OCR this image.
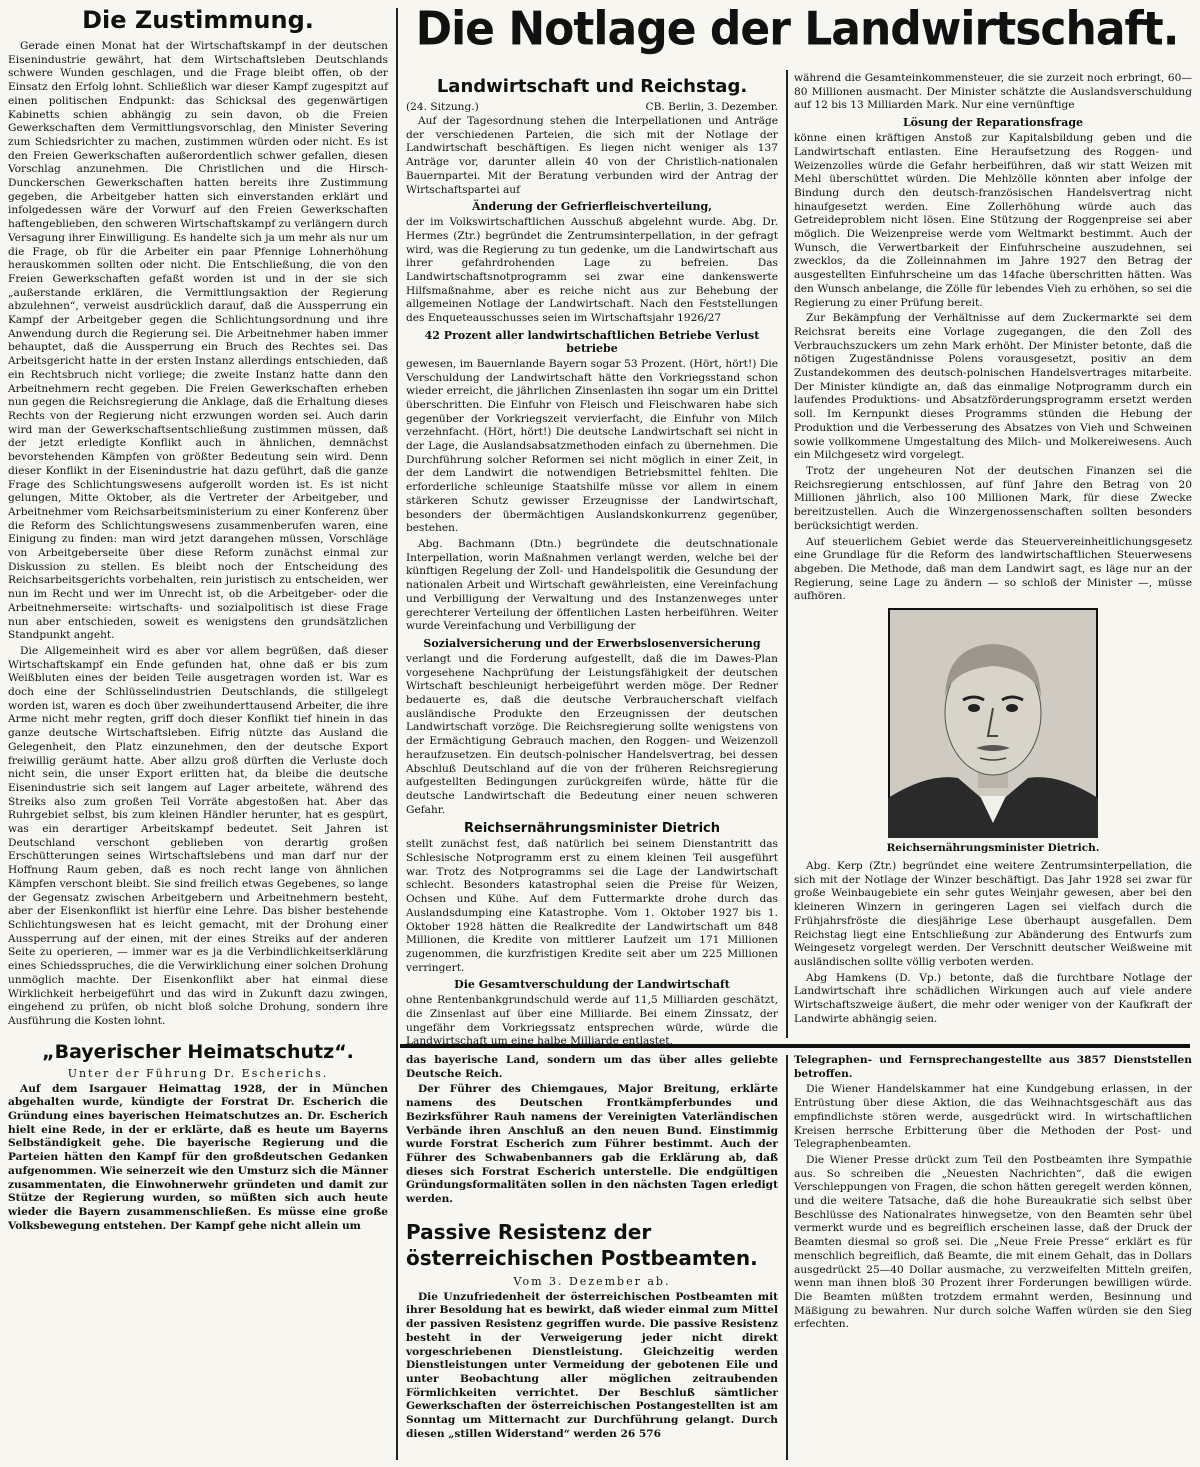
Die Zustimmung.

Gerade einen Monat hat der Wirtschaftskampf in der deutschen Eisenindustrie gewährt, hat dem Wirtschaftsleben Deutschlands schwere Wunden geschlagen, und die Frage bleibt offen, ob der Einsatz den Erfolg lohnt. Schließlich war dieser Kampf zugespitzt auf einen politischen Endpunkt: das Schicksal des gegenwärtigen Kabinetts schien abhängig zu sein davon, ob die Freien Gewerkschaften dem Vermittlungsvorschlag, den Minister Severing zum Schiedsrichter zu machen, zustimmen würden oder nicht. Es ist den Freien Gewerkschaften außerordentlich schwer gefallen, diesen Vorschlag anzunehmen. Die Christlichen und die Hirsch-Dunckerschen Gewerkschaften hatten bereits ihre Zustimmung gegeben, die Arbeitgeber hatten sich einverstanden erklärt und infolgedessen wäre der Vorwurf auf den Freien Gewerkschaften haftengeblieben, den schweren Wirtschaftskampf zu verlängern durch Versagung ihrer Einwilligung. Es handelte sich ja um mehr als nur um die Frage, ob für die Arbeiter ein paar Pfennige Lohnerhöhung herauskommen sollten oder nicht. Die Entschließung, die von den Freien Gewerkschaften gefaßt worden ist und in der sie sich „außerstande erklären, die Vermittlungsaktion der Regierung abzulehnen“, verweist ausdrücklich darauf, daß die Aussperrung ein Kampf der Arbeitgeber gegen die Schlichtungsordnung und ihre Anwendung durch die Regierung sei. Die Arbeitnehmer haben immer behauptet, daß die Aussperrung ein Bruch des Rechtes sei. Das Arbeitsgericht hatte in der ersten Instanz allerdings entschieden, daß ein Rechtsbruch nicht vorliege; die zweite Instanz hatte dann den Arbeitnehmern recht gegeben. Die Freien Gewerkschaften erheben nun gegen die Reichsregierung die Anklage, daß die Erhaltung dieses Rechts von der Regierung nicht erzwungen worden sei. Auch darin wird man der Gewerkschaftsentschließung zustimmen müssen, daß der jetzt erledigte Konflikt auch in ähnlichen, demnächst bevorstehenden Kämpfen von größter Bedeutung sein wird. Denn dieser Konflikt in der Eisenindustrie hat dazu geführt, daß die ganze Frage des Schlichtungswesens aufgerollt worden ist. Es ist nicht gelungen, Mitte Oktober, als die Vertreter der Arbeitgeber, und Arbeitnehmer vom Reichsarbeitsministerium zu einer Konferenz über die Reform des Schlichtungswesens zusammenberufen waren, eine Einigung zu finden: man wird jetzt darangehen müssen, Vorschläge von Arbeitgeberseite über diese Reform zunächst einmal zur Diskussion zu stellen. Es bleibt noch der Entscheidung des Reichsarbeitsgerichts vorbehalten, rein juristisch zu entscheiden, wer nun im Recht und wer im Unrecht ist, ob die Arbeitgeber- oder die Arbeitnehmerseite: wirtschafts- und sozialpolitisch ist diese Frage nun aber entschieden, soweit es wenigstens den grundsätzlichen Standpunkt angeht.

Die Allgemeinheit wird es aber vor allem begrüßen, daß dieser Wirtschaftskampf ein Ende gefunden hat, ohne daß er bis zum Weißbluten eines der beiden Teile ausgetragen worden ist. War es doch eine der Schlüsselindustrien Deutschlands, die stillgelegt worden ist, waren es doch über zweihunderttausend Arbeiter, die ihre Arme nicht mehr regten, griff doch dieser Konflikt tief hinein in das ganze deutsche Wirtschaftsleben. Eifrig nützte das Ausland die Gelegenheit, den Platz einzunehmen, den der deutsche Export freiwillig geräumt hatte. Aber allzu groß dürften die Verluste doch nicht sein, die unser Export erlitten hat, da bleibe die deutsche Eisenindustrie sich seit langem auf Lager arbeitete, während des Streiks also zum großen Teil Vorräte abgestoßen hat. Aber das Ruhrgebiet selbst, bis zum kleinen Händler herunter, hat es gespürt, was ein derartiger Arbeitskampf bedeutet. Seit Jahren ist Deutschland verschont geblieben von derartig großen Erschütterungen seines Wirtschaftslebens und man darf nur der Hoffnung Raum geben, daß es noch recht lange von ähnlichen Kämpfen verschont bleibt. Sie sind freilich etwas Gegebenes, so lange der Gegensatz zwischen Arbeitgebern und Arbeitnehmern besteht, aber der Eisenkonflikt ist hierfür eine Lehre. Das bisher bestehende Schlichtungswesen hat es leicht gemacht, mit der Drohung einer Aussperrung auf der einen, mit der eines Streiks auf der anderen Seite zu operieren, — immer war es ja die Verbindlichkeitserklärung eines Schiedsspruches, die die Verwirklichung einer solchen Drohung unmöglich machte. Der Eisenkonflikt aber hat einmal diese Wirklichkeit herbeigeführt und das wird in Zukunft dazu zwingen, eingehend zu prüfen, ob nicht bloß solche Drohung, sondern ihre Ausführung die Kosten lohnt.

„Bayerischer Heimatschutz“.
Unter der Führung Dr. Escherichs.

Auf dem Isargauer Heimattag 1928, der in München abgehalten wurde, kündigte der Forstrat Dr. Escherich die Gründung eines bayerischen Heimatschutzes an. Dr. Escherich hielt eine Rede, in der er erklärte, daß es heute um Bayerns Selbständigkeit gehe. Die bayerische Regierung und die Parteien hätten den Kampf für den großdeutschen Gedanken aufgenommen. Wie seinerzeit wie den Umsturz sich die Männer zusammentaten, die Einwohnerwehr gründeten und damit zur Stütze der Regierung wurden, so müßten sich auch heute wieder die Bayern zusammenschließen. Es müsse eine große Volksbewegung entstehen. Der Kampf gehe nicht allein um

Die Notlage der Landwirtschaft.
Landwirtschaft und Reichstag.
(24. Sitzung.)	CB. Berlin, 3. Dezember.

Auf der Tagesordnung stehen die Interpellationen und Anträge der verschiedenen Parteien, die sich mit der Notlage der Landwirtschaft beschäftigen. Es liegen nicht weniger als 137 Anträge vor, darunter allein 40 von der Christlich-nationalen Bauernpartei. Mit der Beratung verbunden wird der Antrag der Wirtschaftspartei auf

Änderung der Gefrierfleischverteilung,

der im Volkswirtschaftlichen Ausschuß abgelehnt wurde. Abg. Dr. Hermes (Ztr.) begründet die Zentrumsinterpellation, in der gefragt wird, was die Regierung zu tun gedenke, um die Landwirtschaft aus ihrer gefahrdrohenden Lage zu befreien. Das Landwirtschaftsnotprogramm sei zwar eine dankenswerte Hilfsmaßnahme, aber es reiche nicht aus zur Behebung der allgemeinen Notlage der Landwirtschaft. Nach den Feststellungen des Enqueteausschusses seien im Wirtschaftsjahr 1926/27

42 Prozent aller landwirtschaftlichen Betriebe Verlust betriebe

gewesen, im Bauernlande Bayern sogar 53 Prozent. (Hört, hört!) Die Verschuldung der Landwirtschaft hätte den Vorkriegsstand schon wieder erreicht, die jährlichen Zinsenlasten ihn sogar um ein Drittel überschritten. Die Einfuhr von Fleisch und Fleischwaren habe sich gegenüber der Vorkriegszeit vervierfacht, die Einfuhr von Milch verzehnfacht. (Hört, hört!) Die deutsche Landwirtschaft sei nicht in der Lage, die Auslandsabsatzmethoden einfach zu übernehmen. Die Durchführung solcher Reformen sei nicht möglich in einer Zeit, in der dem Landwirt die notwendigen Betriebsmittel fehlten. Die erforderliche schleunige Staatshilfe müsse vor allem in einem stärkeren Schutz gewisser Erzeugnisse der Landwirtschaft, besonders der übermächtigen Auslandskonkurrenz gegenüber, bestehen.

Abg. Bachmann (Dtn.) begründete die deutschnationale Interpellation, worin Maßnahmen verlangt werden, welche bei der künftigen Regelung der Zoll- und Handelspolitik die Gesundung der nationalen Arbeit und Wirtschaft gewährleisten, eine Vereinfachung und Verbilligung der Verwaltung und des Instanzenweges unter gerechterer Verteilung der öffentlichen Lasten herbeiführen. Weiter wurde Vereinfachung und Verbilligung der

Sozialversicherung und der Erwerbslosenversicherung

verlangt und die Forderung aufgestellt, daß die im Dawes-Plan vorgesehene Nachprüfung der Leistungsfähigkeit der deutschen Wirtschaft beschleunigt herbeigeführt werden möge. Der Redner bedauerte es, daß die deutsche Verbraucherschaft vielfach ausländische Produkte den Erzeugnissen der deutschen Landwirtschaft vorzöge. Die Reichsregierung sollte wenigstens von der Ermächtigung Gebrauch machen, den Roggen- und Weizenzoll heraufzusetzen. Ein deutsch-polnischer Handelsvertrag, bei dessen Abschluß Deutschland auf die von der früheren Reichsregierung aufgestellten Bedingungen zurückgreifen würde, hätte für die deutsche Landwirtschaft die Bedeutung einer neuen schweren Gefahr.

Reichsernährungsminister Dietrich

stellt zunächst fest, daß natürlich bei seinem Dienstantritt das Schlesische Notprogramm erst zu einem kleinen Teil ausgeführt war. Trotz des Notprogramms sei die Lage der Landwirtschaft schlecht. Besonders katastrophal seien die Preise für Weizen, Ochsen und Kühe. Auf dem Futtermarkte drohe durch das Auslandsdumping eine Katastrophe. Vom 1. Oktober 1927 bis 1. Oktober 1928 hätten die Realkredite der Landwirtschaft um 848 Millionen, die Kredite von mittlerer Laufzeit um 171 Millionen zugenommen, die kurzfristigen Kredite seit aber um 225 Millionen verringert.

Die Gesamtverschuldung der Landwirtschaft

ohne Rentenbankgrundschuld werde auf 11,5 Milliarden geschätzt, die Zinsenlast auf über eine Milliarde. Bei einem Zinssatz, der ungefähr dem Vorkriegssatz entsprechen würde, würde die Landwirtschaft um eine halbe Milliarde entlastet,

während die Gesamteinkommensteuer, die sie zurzeit noch erbringt, 60—80 Millionen ausmacht. Der Minister schätzte die Auslandsverschuldung auf 12 bis 13 Milliarden Mark. Nur eine vernünftige

Lösung der Reparationsfrage

könne einen kräftigen Anstoß zur Kapitalsbildung geben und die Landwirtschaft entlasten. Eine Heraufsetzung des Roggen- und Weizenzolles würde die Gefahr herbeiführen, daß wir statt Weizen mit Mehl überschüttet würden. Die Mehlzölle könnten aber infolge der Bindung durch den deutsch-französischen Handelsvertrag nicht hinaufgesetzt werden. Eine Zollerhöhung würde auch das Getreideproblem nicht lösen. Eine Stützung der Roggenpreise sei aber möglich. Die Weizenpreise werde vom Weltmarkt bestimmt. Auch der Wunsch, die Verwertbarkeit der Einfuhrscheine auszudehnen, sei zwecklos, da die Zolleinnahmen im Jahre 1927 den Betrag der ausgestellten Einfuhrscheine um das 14fache überschritten hätten. Was den Wunsch anbelange, die Zölle für lebendes Vieh zu erhöhen, so sei die Regierung zu einer Prüfung bereit.

Zur Bekämpfung der Verhältnisse auf dem Zuckermarkte sei dem Reichsrat bereits eine Vorlage zugegangen, die den Zoll des Verbrauchszuckers um zehn Mark erhöht. Der Minister betonte, daß die nötigen Zugeständnisse Polens vorausgesetzt, positiv an dem Zustandekommen des deutsch-polnischen Handelsvertrages mitarbeite. Der Minister kündigte an, daß das einmalige Notprogramm durch ein laufendes Produktions- und Absatzförderungsprogramm ersetzt werden soll. Im Kernpunkt dieses Programms stünden die Hebung der Produktion und die Verbesserung des Absatzes von Vieh und Schweinen sowie vollkommene Umgestaltung des Milch- und Molkereiwesens. Auch ein Milchgesetz wird vorgelegt.

Trotz der ungeheuren Not der deutschen Finanzen sei die Reichsregierung entschlossen, auf fünf Jahre den Betrag von 20 Millionen jährlich, also 100 Millionen Mark, für diese Zwecke bereitzustellen. Auch die Winzergenossenschaften sollten besonders berücksichtigt werden.

Auf steuerlichem Gebiet werde das Steuervereinheitlichungsgesetz eine Grundlage für die Reform des landwirtschaftlichen Steuerwesens abgeben. Die Methode, daß man dem Landwirt sagt, es läge nur an der Regierung, seine Lage zu ändern — so schloß der Minister —, müsse aufhören.

Reichsernährungsminister Dietrich.

Abg. Kerp (Ztr.) begründet eine weitere Zentrumsinterpellation, die sich mit der Notlage der Winzer beschäftigt. Das Jahr 1928 sei zwar für große Weinbaugebiete ein sehr gutes Weinjahr gewesen, aber bei den kleineren Winzern in geringeren Lagen sei vielfach durch die Frühjahrsfröste die diesjährige Lese überhaupt ausgefallen. Dem Reichstag liegt eine Entschließung zur Abänderung des Entwurfs zum Weingesetz vorgelegt werden. Der Verschnitt deutscher Weißweine mit ausländischen sollte völlig verboten werden.

Abg Hamkens (D. Vp.) betonte, daß die furchtbare Notlage der Landwirtschaft ihre schädlichen Wirkungen auch auf viele andere Wirtschaftszweige äußert, die mehr oder weniger von der Kaufkraft der Landwirte abhängig seien.

das bayerische Land, sondern um das über alles geliebte Deutsche Reich.

Der Führer des Chiemgaues, Major Breitung, erklärte namens des Deutschen Frontkämpferbundes und Bezirksführer Rauh namens der Vereinigten Vaterländischen Verbände ihren Anschluß an den neuen Bund. Einstimmig wurde Forstrat Escherich zum Führer bestimmt. Auch der Führer des Schwabenbanners gab die Erklärung ab, daß dieses sich Forstrat Escherich unterstelle. Die endgültigen Gründungsformalitäten sollen in den nächsten Tagen erledigt werden.

Passive Resistenz der österreichischen Postbeamten.
Vom 3. Dezember ab.

Die Unzufriedenheit der österreichischen Postbeamten mit ihrer Besoldung hat es bewirkt, daß wieder einmal zum Mittel der passiven Resistenz gegriffen wurde. Die passive Resistenz besteht in der Verweigerung jeder nicht direkt vorgeschriebenen Dienstleistung. Gleichzeitig werden Dienstleistungen unter Vermeidung der gebotenen Eile und unter Beobachtung aller möglichen zeitraubenden Förmlichkeiten verrichtet. Der Beschluß sämtlicher Gewerkschaften der österreichischen Postangestellten ist am Sonntag um Mitternacht zur Durchführung gelangt. Durch diesen „stillen Widerstand“ werden 26 576

Telegraphen- und Fernsprechangestellte aus 3857 Dienststellen betroffen.

Die Wiener Handelskammer hat eine Kundgebung erlassen, in der Entrüstung über diese Aktion, die das Weihnachtsgeschäft aus das empfindlichste stören werde, ausgedrückt wird. In wirtschaftlichen Kreisen herrsche Erbitterung über die Methoden der Post- und Telegraphenbeamten.

Die Wiener Presse drückt zum Teil den Postbeamten ihre Sympathie aus. So schreiben die „Neuesten Nachrichten“, daß die ewigen Verschleppungen von Fragen, die schon hätten geregelt werden können, und die weitere Tatsache, daß die hohe Bureaukratie sich selbst über Beschlüsse des Nationalrates hinwegsetze, von den Beamten sehr übel vermerkt wurde und es begreiflich erscheinen lasse, daß der Druck der Beamten diesmal so groß sei. Die „Neue Freie Presse“ erklärt es für menschlich begreiflich, daß Beamte, die mit einem Gehalt, das in Dollars ausgedrückt 25—40 Dollar ausmache, zu verzweifelten Mitteln greifen, wenn man ihnen bloß 30 Prozent ihrer Forderungen bewilligen würde. Die Beamten müßten trotzdem ermahnt werden, Besinnung und Mäßigung zu bewahren. Nur durch solche Waffen würden sie den Sieg erfechten.
